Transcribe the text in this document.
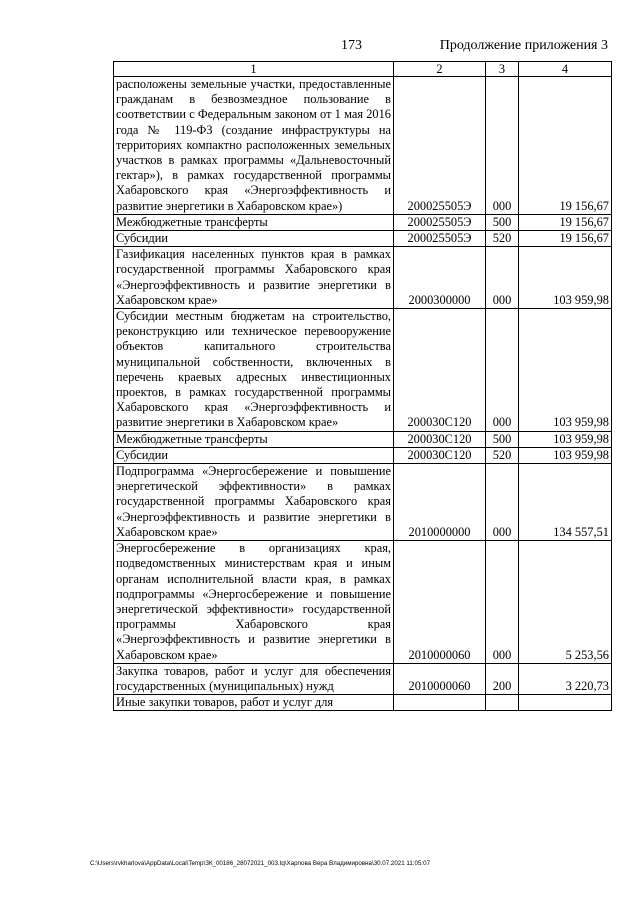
173	Продолжение приложения 3
1	2	3	4
расположены земельные участки, предоставленные гражданам в безвозмездное пользование в соответствии с Федеральным законом от 1 мая 2016 года № 119-ФЗ (создание инфраструктуры на территориях компактно расположенных земельных участков в рамках программы «Дальневосточный гектар»), в рамках государственной программы Хабаровского края «Энергоэффективность и развитие энергетики в Хабаровском крае»)	200025505Э	000	19 156,67
Межбюджетные трансферты	200025505Э	500	19 156,67
Субсидии	200025505Э	520	19 156,67
Газификация населенных пунктов края в рамках государственной программы Хабаровского края «Энергоэффективность и развитие энергетики в Хабаровском крае»	2000300000	000	103 959,98
Субсидии местным бюджетам на строительство, реконструкцию или техническое перевооружение объектов капитального строительства муниципальной собственности, включенных в перечень краевых адресных инвестиционных проектов, в рамках государственной программы Хабаровского края «Энергоэффективность и развитие энергетики в Хабаровском крае»	200030С120	000	103 959,98
Межбюджетные трансферты	200030С120	500	103 959,98
Субсидии	200030С120	520	103 959,98
Подпрограмма «Энергосбережение и повышение энергетической эффективности» в рамках государственной программы Хабаровского края «Энергоэффективность и развитие энергетики в Хабаровском крае»	2010000000	000	134 557,51
Энергосбережение в организациях края, подведомственных министерствам края и иным органам исполнительной власти края, в рамках подпрограммы «Энергосбережение и повышение энергетической эффективности» государственной программы Хабаровского края «Энергоэффективность и развитие энергетики в Хабаровском крае»	2010000060	000	5 253,56
Закупка товаров, работ и услуг для обеспечения государственных (муниципальных) нужд	2010000060	200	3 220,73
Иные закупки товаров, работ и услуг для			
C:\Users\rvkharlova\AppData\Local\Temp\ЗК_00186_28072021_003.tq\Харлова Вера Владимировна\30.07.2021 11:05:07
